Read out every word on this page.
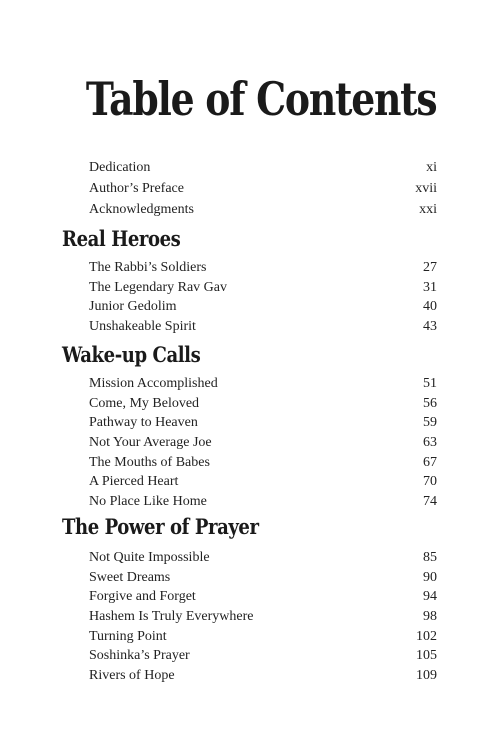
Table of Contents
Dedication	xi
Author’s Preface	xvii
Acknowledgments	xxi
Real Heroes
The Rabbi’s Soldiers	27
The Legendary Rav Gav	31
Junior Gedolim	40
Unshakeable Spirit	43
Wake-up Calls
Mission Accomplished	51
Come, My Beloved	56
Pathway to Heaven	59
Not Your Average Joe	63
The Mouths of Babes	67
A Pierced Heart	70
No Place Like Home	74
The Power of Prayer
Not Quite Impossible	85
Sweet Dreams	90
Forgive and Forget	94
Hashem Is Truly Everywhere	98
Turning Point	102
Soshinka’s Prayer	105
Rivers of Hope	109
